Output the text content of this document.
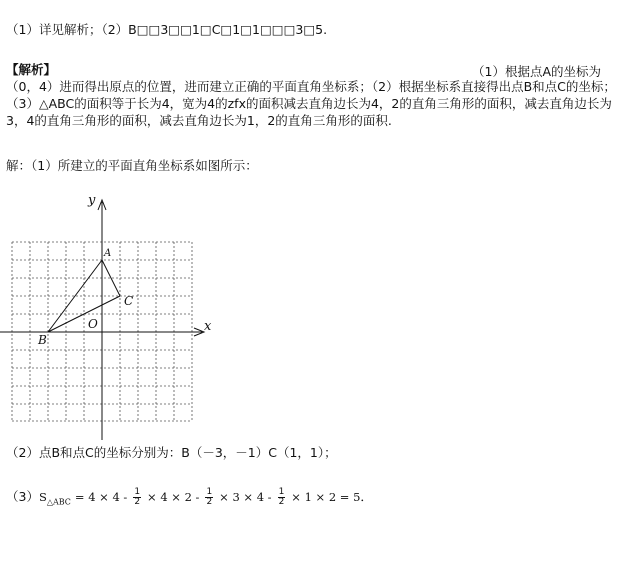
（1）详见解析；（2）B□□3□□1□C□1□1□□□3□5.
【解析】	（1）根据点A的坐标为
（0，4）进而得出原点的位置，进而建立正确的平面直角坐标系；（2）根据坐标系直接得出点B和点C的坐标；（3）△ABC的面积等于长为4，宽为4的zfx的面积减去直角边长为4，2的直角三角形的面积，减去直角边长为3，4的直角三角形的面积，减去直角边长为1，2的直角三角形的面积.
解：（1）所建立的平面直角坐标系如图所示：
y
x
O
A
B
C
（2）点B和点C的坐标分别为：B（－3，－1）C（1，1）；
$(3)S_{\triangle ABC} = 4 \times 4 - \frac{1}{2} \times 4 \times 2 - \frac{1}{2} \times 3 \times 4 - \frac{1}{2} \times 1 \times 2 = 5$．
